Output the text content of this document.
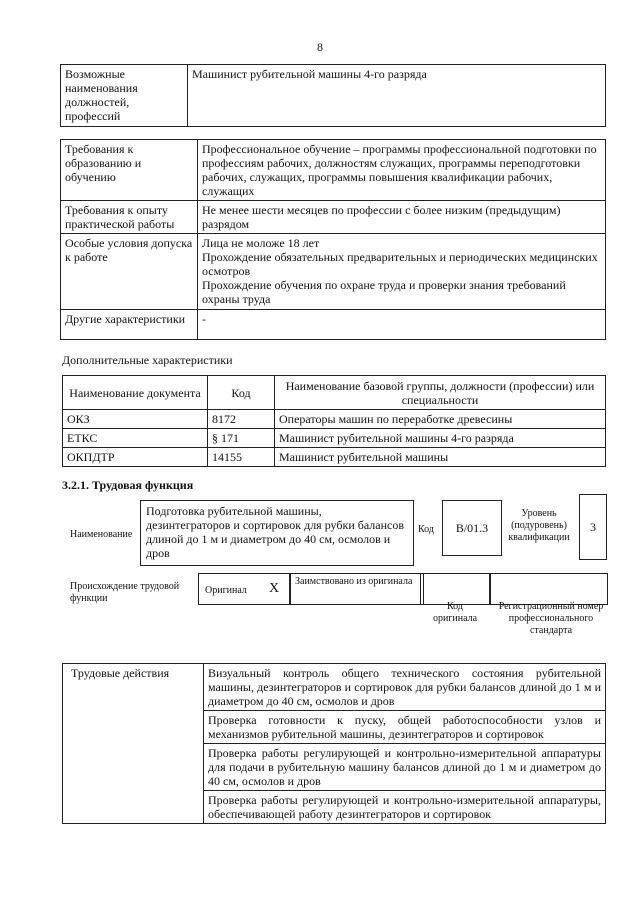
8
Возможные наименования должностей, профессий	Машинист рубительной машины 4-го разряда
Требования к образованию и обучению	Профессиональное обучение – программы профессиональной подготовки по профессиям рабочих, должностям служащих, программы переподготовки рабочих, служащих, программы повышения квалификации рабочих, служащих
Требования к опыту практической работы	Не менее шести месяцев по профессии с более низким (предыдущим) разрядом
Особые условия допуска к работе	Лица не моложе 18 лет
Прохождение обязательных предварительных и периодических медицинских осмотров
Прохождение обучения по охране труда и проверки знания требований охраны труда

Другие характеристики	-
Дополнительные характеристики
Наименование документа	Код	Наименование базовой группы, должности (профессии) или специальности
ОКЗ	8172	Операторы машин по переработке древесины
ЕТКС	§ 171	Машинист рубительной машины 4-го разряда
ОКПДТР	14155	Машинист рубительной машины
3.2.1. Трудовая функция
Наименование
Подготовка рубительной машины, дезинтеграторов и сортировок для рубки балансов длиной до 1 м и диаметром до 40 см, осмолов и дров
Код	B/01.3
Уровень (подуровень) квалификации
3
Происхождение трудовой функции
Оригинал X	Заимствовано из оригинала
Код оригинала
Регистрационный номер профессионального стандарта
Трудовые действия	Визуальный контроль общего технического состояния рубительной машины, дезинтеграторов и сортировок для рубки балансов длиной до 1 м и диаметром до 40 см, осмолов и дров
Проверка готовности к пуску, общей работоспособности узлов и механизмов рубительной машины, дезинтеграторов и сортировок
Проверка работы регулирующей и контрольно-измерительной аппаратуры для подачи в рубительную машину балансов длиной до 1 м и диаметром до 40 см, осмолов и дров
Проверка работы регулирующей и контрольно-измерительной аппаратуры, обеспечивающей работу дезинтеграторов и сортировок
